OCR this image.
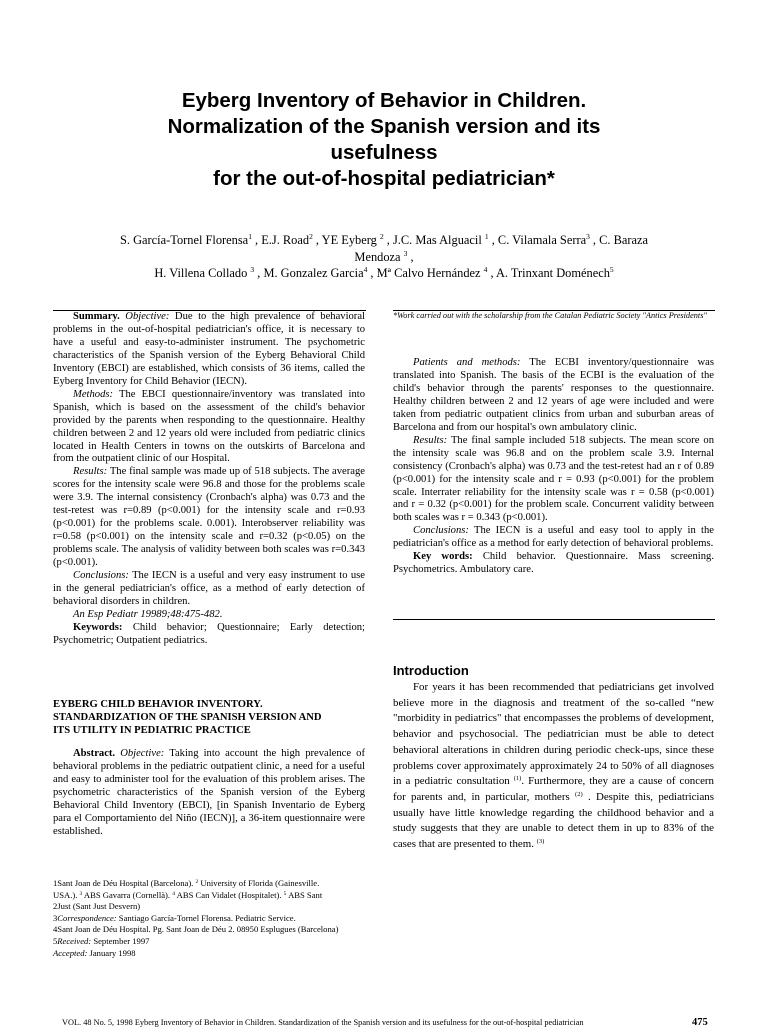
Eyberg Inventory of Behavior in Children.
Normalization of the Spanish version and its
usefulness
for the out-of-hospital pediatrician*
S. García-Tornel Florensa$^1$ , E.J. Road$^2$ , YE Eyberg $^2$ , J.C. Mas Alguacil $^1$ , C. Vilamala Serra$^3$ , C. Baraza
Mendoza $^3$ ,
H. Villena Collado $^3$ , M. Gonzalez Garcia$^4$ , Mª Calvo Hernández $^4$ , A. Trinxant Doménech$^5$

Summary. Objective: Due to the high prevalence of behavioral problems in the out-of-hospital pediatrician's office, it is necessary to have a useful and easy-to-administer instrument. The psychometric characteristics of the Spanish version of the Eyberg Behavioral Child Inventory (EBCI) are established, which consists of 36 items, called the Eyberg Inventory for Child Behavior (IECN).

Methods: The EBCI questionnaire/inventory was translated into Spanish, which is based on the assessment of the child's behavior provided by the parents when responding to the questionnaire. Healthy children between 2 and 12 years old were included from pediatric clinics located in Health Centers in towns on the outskirts of Barcelona and from the outpatient clinic of our Hospital.

Results: The final sample was made up of 518 subjects. The average scores for the intensity scale were 96.8 and those for the problems scale were 3.9. The internal consistency (Cronbach's alpha) was 0.73 and the test-retest was r=0.89 (p<0.001) for the intensity scale and r=0.93 (p<0.001) for the problems scale. 0.001). Interobserver reliability was r=0.58 (p<0.001) on the intensity scale and r=0.32 (p<0.05) on the problems scale. The analysis of validity between both scales was r=0.343 (p<0.001).

Conclusions: The IECN is a useful and very easy instrument to use in the general pediatrician's office, as a method of early detection of behavioral disorders in children.

An Esp Pediatr 19989;48:475-482.

Keywords: Child behavior; Questionnaire; Early detection; Psychometric; Outpatient pediatrics.

EYBERG CHILD BEHAVIOR INVENTORY.
STANDARDIZATION OF THE SPANISH VERSION AND
ITS UTILITY IN PEDIATRIC PRACTICE

Abstract. Objective: Taking into account the high prevalence of behavioral problems in the pediatric outpatient clinic, a need for a useful and easy to administer tool for the evaluation of this problem arises. The psychometric characteristics of the Spanish version of the Eyberg Behavioral Child Inventory (EBCI), [in Spanish Inventario de Eyberg para el Comportamiento del Niño (IECN)], a 36-item questionnaire were established.

1Sant Joan de Déu Hospital (Barcelona). $^2$ University of Florida (Gainesville.
USA.). $^3$ ABS Gavarra (Cornellà). $^4$ ABS Can Vidalet (Hospitalet). $^5$ ABS Sant
2Just (Sant Just Desvern)
3Correspondence: Santiago García-Tornel Florensa. Pediatric Service.
4Sant Joan de Déu Hospital. Pg. Sant Joan de Déu 2. 08950 Esplugues (Barcelona)
5Received: September 1997
Accepted: January 1998
*Work carried out with the scholarship from the Catalan Pediatric Society "Antics Presidents"

Patients and methods: The ECBI inventory/questionnaire was translated into Spanish. The basis of the ECBI is the evaluation of the child's behavior through the parents' responses to the questionnaire. Healthy children between 2 and 12 years of age were included and were taken from pediatric outpatient clinics from urban and suburban areas of Barcelona and from our hospital's own ambulatory clinic.

Results: The final sample included 518 subjects. The mean score on the intensity scale was 96.8 and on the problem scale 3.9. Internal consistency (Cronbach's alpha) was 0.73 and the test-retest had an r of 0.89 (p<0.001) for the intensity scale and r = 0.93 (p<0.001) for the problem scale. Interrater reliability for the intensity scale was r = 0.58 (p<0.001) and r = 0.32 (p<0.001) for the problem scale. Concurrent validity between both scales was r = 0.343 (p<0.001).

Conclusions: The IECN is a useful and easy tool to apply in the pediatrician's office as a method for early detection of behavioral problems.

Key words: Child behavior. Questionnaire. Mass screening. Psychometrics. Ambulatory care.

Introduction

For years it has been recommended that pediatricians get involved believe more in the diagnosis and treatment of the so-called “new "morbidity in pediatrics" that encompasses the problems of development, behavior and psychosocial. The pediatrician must be able to detect behavioral alterations in children during periodic check-ups, since these problems cover approximately approximately 24 to 50% of all diagnoses in a pediatric consultation $^{(1)}$. Furthermore, they are a cause of concern for parents and, in particular, mothers $^{(2)}$ . Despite this, pediatricians usually have little knowledge regarding the childhood behavior and a study suggests that they are unable to detect them in up to 83% of the cases that are presented to them. $^{(3)}$

VOL. 48 No. 5, 1998 Eyberg Inventory of Behavior in Children. Standardization of the Spanish version and its usefulness for the out-of-hospital pediatrician	475
